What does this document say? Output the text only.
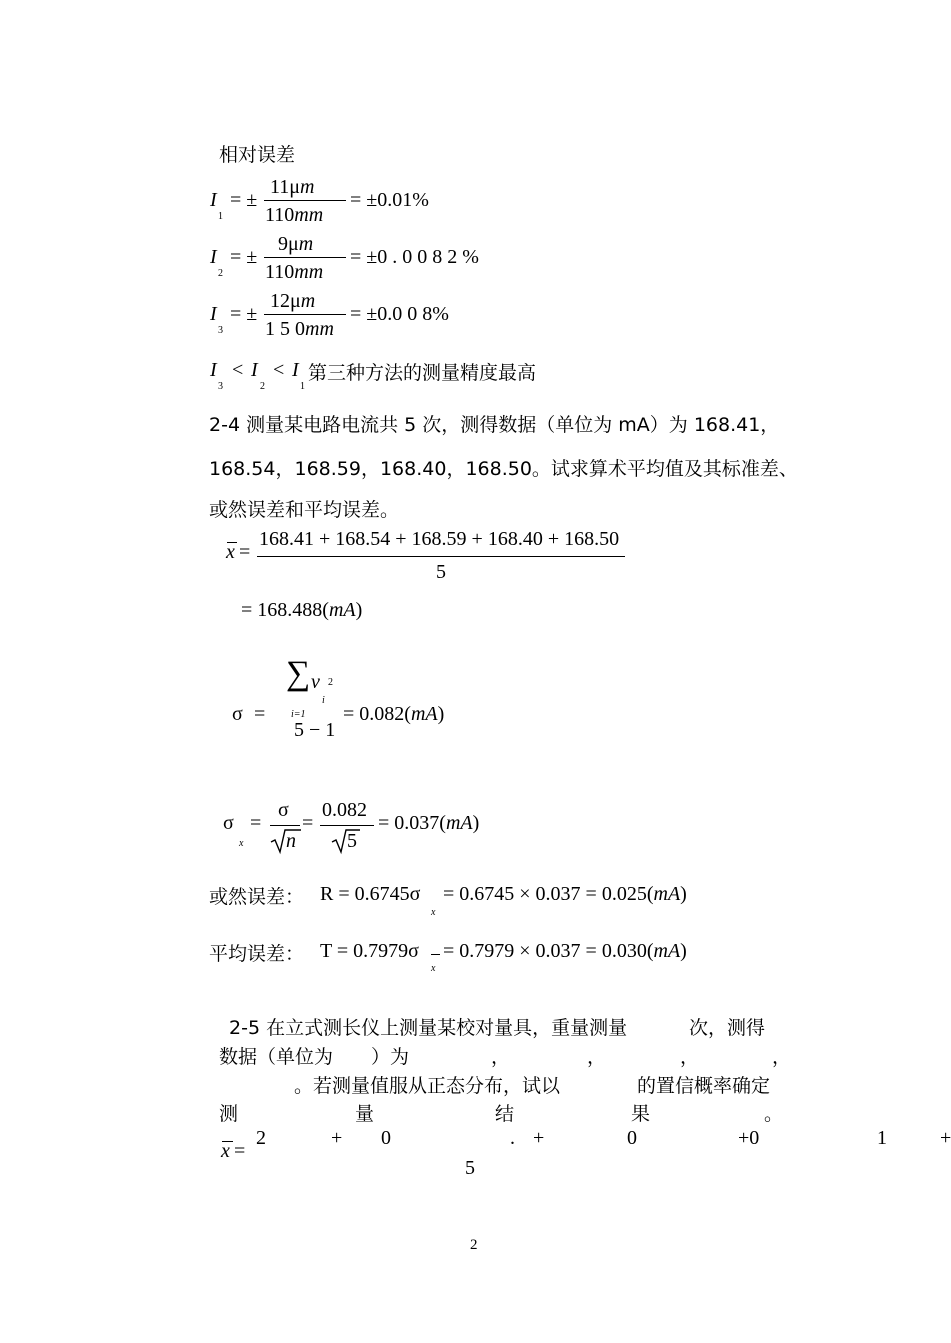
相对误差
I
1
= ±
11μm
110mm
= ±0.01%
I
2
= ±
9μm
110mm
= ±0 . 0 0 8 2 %
I
3
= ±
12μm
1 5 0mm
= ±0.0 0 8%
I
3
< I
2
< I
1
第三种方法的测量精度最高
2-4 测量某电路电流共 5 次，测得数据（单位为 mA）为 168.41，
168.54，168.59，168.40，168.50。试求算术平均值及其标准差、
或然误差和平均误差。
x =
168.41 + 168.54 + 168.59 + 168.40 + 168.50
5
= 168.488(mA)
σ =
∑ v 2
i
i=1
5 − 1
= 0.082(mA)
σ
x
=
σ
n
=
0.082
5
= 0.037(mA)
或然误差： R = 0.6745σ
x
= 0.6745 × 0.037 = 0.025(mA)
平均误差： T = 0.7979σ
x
= 0.7979 × 0.037 = 0.030(mA)
2-5 在立式测长仪上测量某校对量具，重量测量	次，测得
数据（单位为 ）为	，	，	，	，
。若测量值服从正态分布，试以	的置信概率确定
测	量	结	果	。
x =
2	+ 0	. +	0	+0	1	+
5
2
